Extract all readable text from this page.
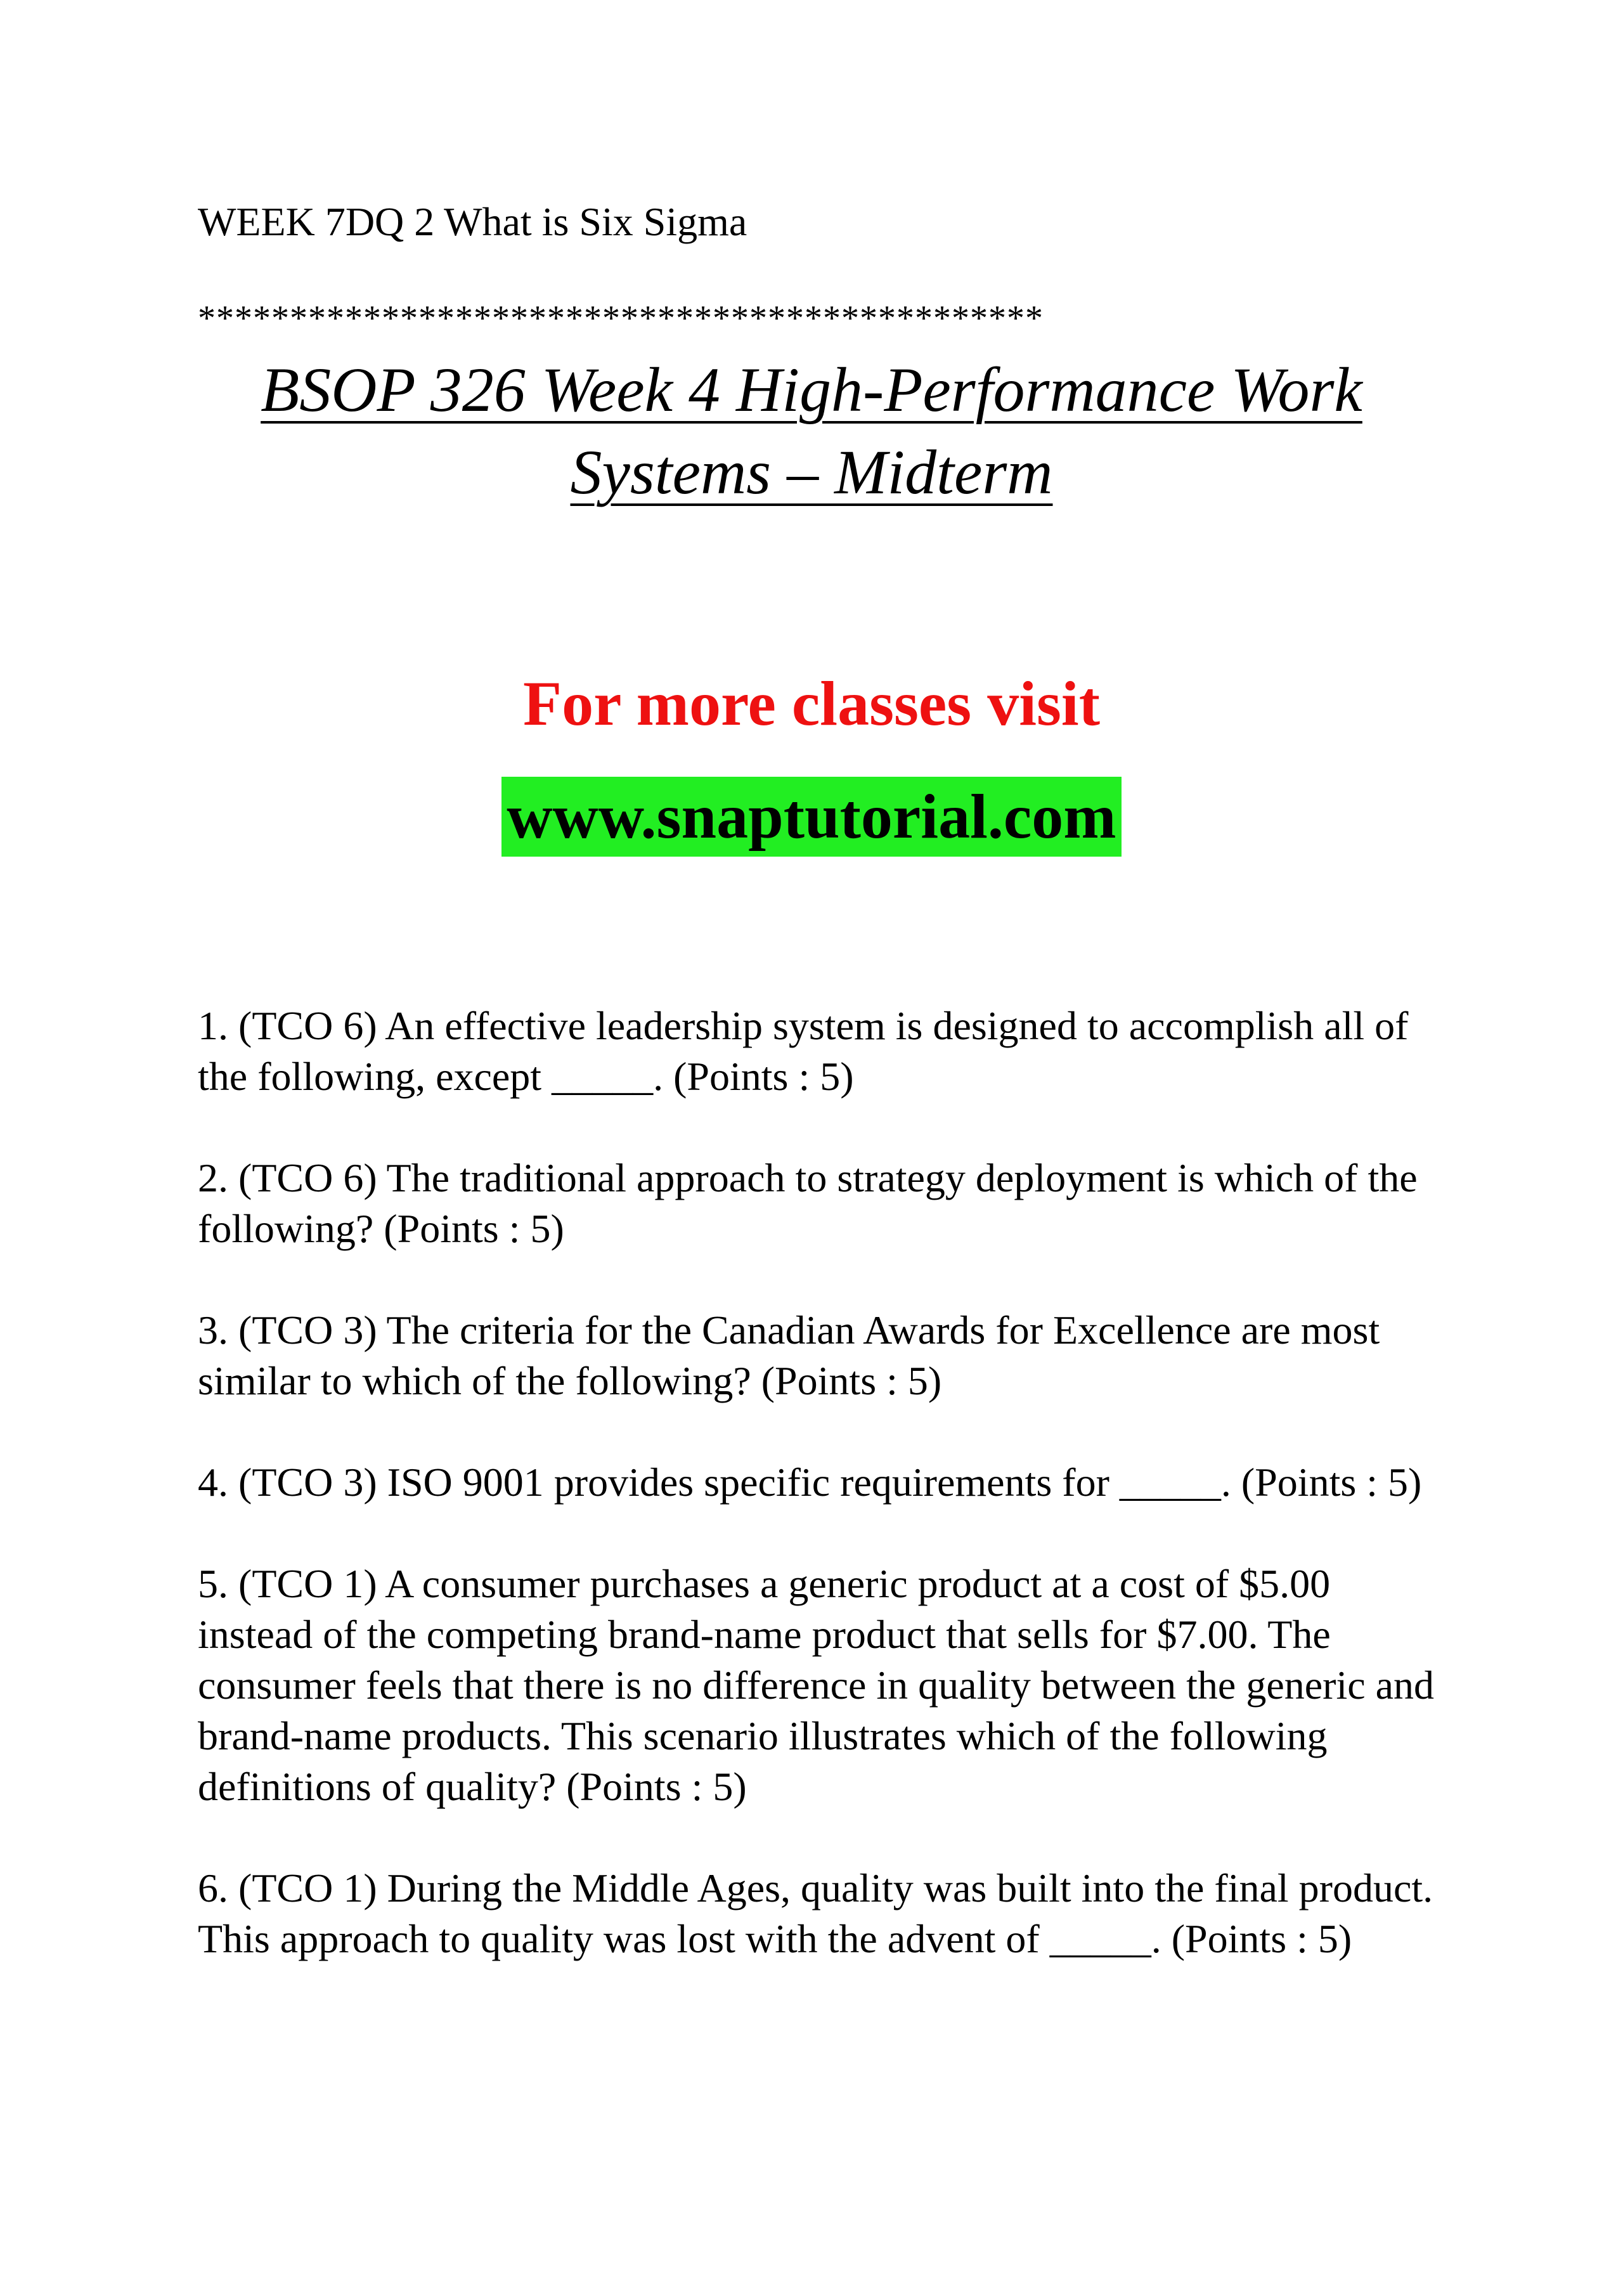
WEEK 7DQ 2 What is Six Sigma
**********************************************
BSOP 326 Week 4 High-Performance Work
Systems – Midterm
For more classes visit
www.snaptutorial.com

1. (TCO 6) An effective leadership system is designed to accomplish all of the following, except _____. (Points : 5)

2. (TCO 6) The traditional approach to strategy deployment is which of the following? (Points : 5)

3. (TCO 3) The criteria for the Canadian Awards for Excellence are most similar to which of the following? (Points : 5)

4. (TCO 3) ISO 9001 provides specific requirements for _____. (Points : 5)

5. (TCO 1) A consumer purchases a generic product at a cost of $5.00 instead of the competing brand-name product that sells for $7.00. The consumer feels that there is no difference in quality between the generic and brand-name products. This scenario illustrates which of the following definitions of quality? (Points : 5)

6. (TCO 1) During the Middle Ages, quality was built into the final product. This approach to quality was lost with the advent of _____. (Points : 5)
